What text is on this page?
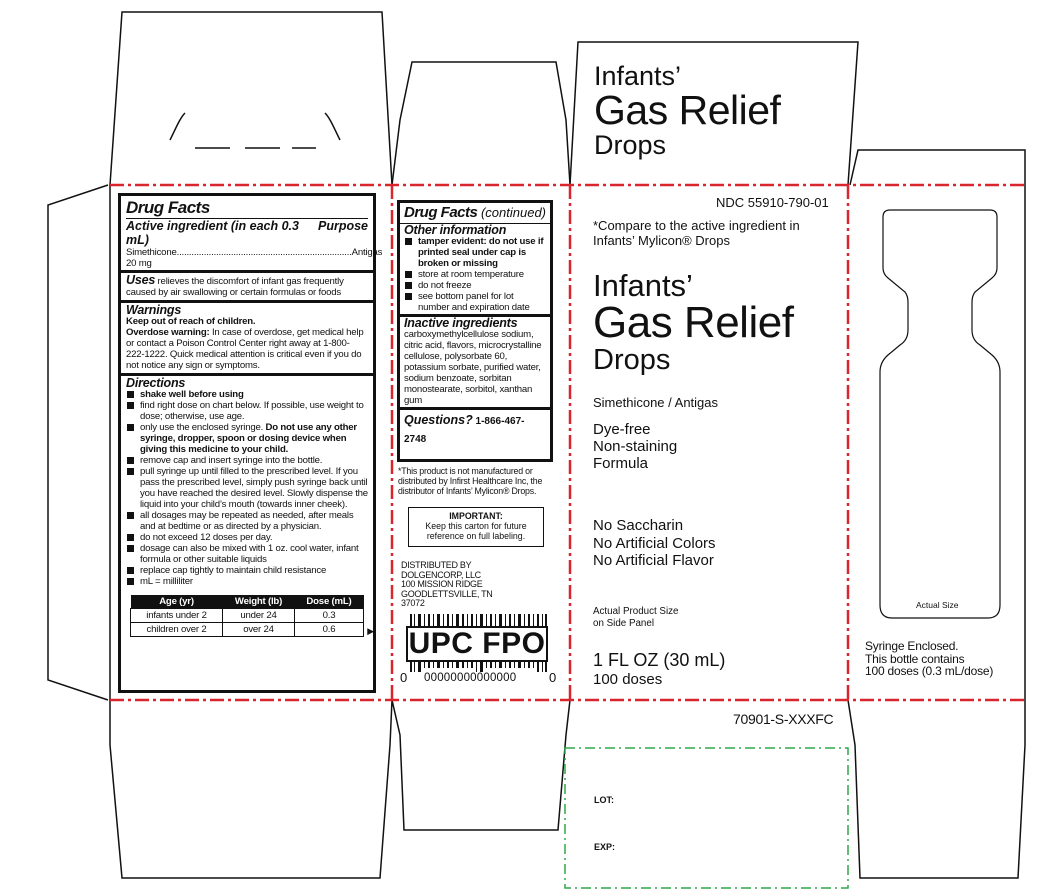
Infants’
Gas Relief
Drops
Drug Facts
Active ingredient (in each 0.3 mL)
Purpose
Simethicone 20 mg
....................................................................... Antigas
Uses relieves the discomfort of infant gas frequently caused by air swallowing or certain formulas or foods
Warnings
Keep out of reach of children.
Overdose warning: In case of overdose, get medical help or contact a Poison Control Center right away at 1-800-222-1222. Quick medical attention is critical even if you do not notice any sign or symptoms.
Directions
shake well before using
find right dose on chart below. If possible, use weight to dose; otherwise, use age.
only use the enclosed syringe. Do not use any other syringe, dropper, spoon or dosing device when giving this medicine to your child.
remove cap and insert syringe into the bottle.
pull syringe up until filled to the prescribed level. If you pass the prescribed level, simply push syringe back until you have reached the desired level. Slowly dispense the liquid into your child’s mouth (towards inner cheek).
all dosages may be repeated as needed, after meals and at bedtime or as directed by a physician.
do not exceed 12 doses per day.
dosage can also be mixed with 1 oz. cool water, infant formula or other suitable liquids
replace cap tightly to maintain child resistance
mL = milliliter
Age (yr)	Weight (lb)	Dose (mL)
infants under 2	under 24	0.3
children over 2	over 24	0.6	▶
Drug Facts (continued)
Other information
tamper evident: do not use if printed seal under cap is broken or missing
store at room temperature
do not freeze
see bottom panel for lot number and expiration date
Inactive ingredients
carboxymethylcellulose sodium, citric acid, flavors, microcrystalline cellulose, polysorbate 60, potassium sorbate, purified water, sodium benzoate, sorbitan monostearate, sorbitol, xanthan gum
Questions? 1-866-467-2748
*This product is not manufactured or distributed by Infirst Healthcare Inc, the distributor of Infants’ Mylicon® Drops.
IMPORTANT:
Keep this carton for future reference on full labeling.
DISTRIBUTED BY
DOLGENCORP, LLC
100 MISSION RIDGE
GOODLETTSVILLE, TN
37072
UPC FPO
0 00000000000000	0
NDC 55910-790-01
*Compare to the active ingredient in Infants’ Mylicon® Drops
Infants’
Gas Relief
Drops
Simethicone / Antigas
Dye-free
Non-staining
Formula
No Saccharin
No Artificial Colors
No Artificial Flavor
Actual Product Size
on Side Panel
1 FL OZ (30 mL)
100 doses
70901-S-XXXFC
Actual Size
Syringe Enclosed.
This bottle contains
100 doses (0.3 mL/dose)
LOT:
EXP:
